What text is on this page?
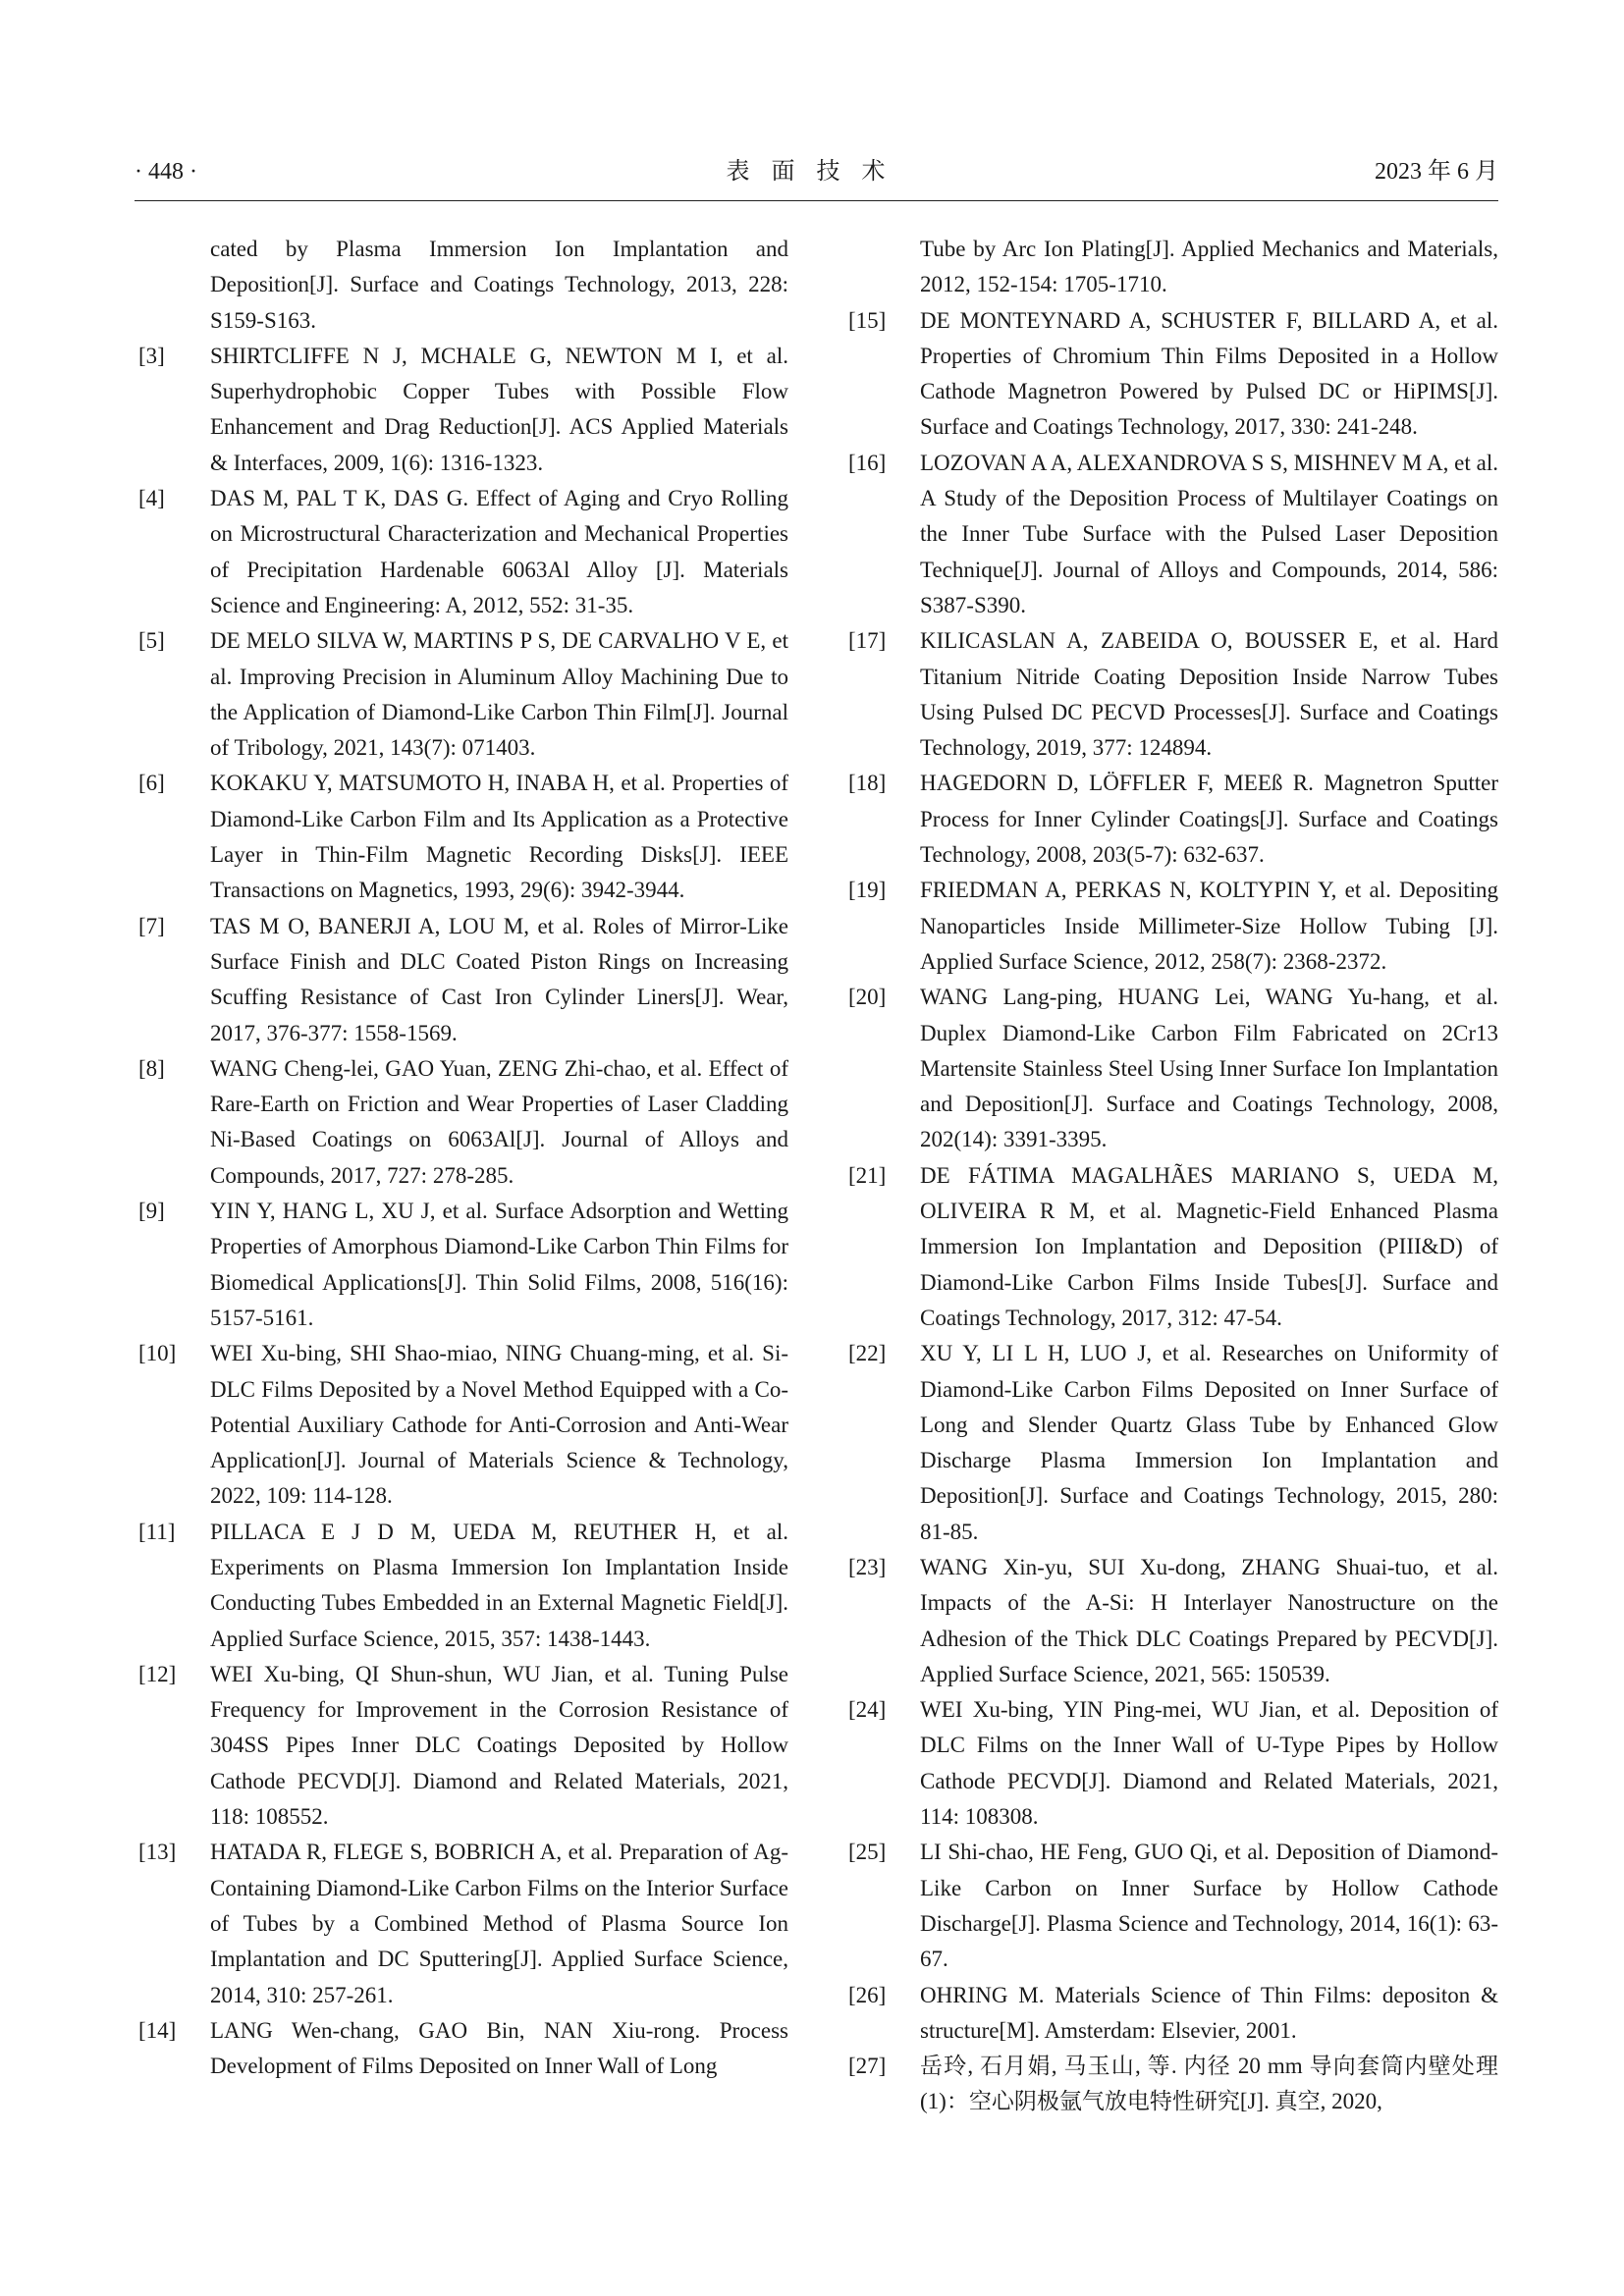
· 448 ·	表面技术	2023 年 6 月
cated by Plasma Immersion Ion Implantation and Deposition[J]. Surface and Coatings Technology, 2013, 228: S159-S163.
[3] SHIRTCLIFFE N J, MCHALE G, NEWTON M I, et al. Superhydrophobic Copper Tubes with Possible Flow Enhancement and Drag Reduction[J]. ACS Applied Materials & Interfaces, 2009, 1(6): 1316-1323.
[4] DAS M, PAL T K, DAS G. Effect of Aging and Cryo Rolling on Microstructural Characterization and Mechanical Properties of Precipitation Hardenable 6063Al Alloy [J]. Materials Science and Engineering: A, 2012, 552: 31-35.
[5] DE MELO SILVA W, MARTINS P S, DE CARVALHO V E, et al. Improving Precision in Aluminum Alloy Machining Due to the Application of Diamond-Like Carbon Thin Film[J]. Journal of Tribology, 2021, 143(7): 071403.
[6] KOKAKU Y, MATSUMOTO H, INABA H, et al. Properties of Diamond-Like Carbon Film and Its Application as a Protective Layer in Thin-Film Magnetic Recording Disks[J]. IEEE Transactions on Magnetics, 1993, 29(6): 3942-3944.
[7] TAS M O, BANERJI A, LOU M, et al. Roles of Mirror-Like Surface Finish and DLC Coated Piston Rings on Increasing Scuffing Resistance of Cast Iron Cylinder Liners[J]. Wear, 2017, 376-377: 1558-1569.
[8] WANG Cheng-lei, GAO Yuan, ZENG Zhi-chao, et al. Effect of Rare-Earth on Friction and Wear Properties of Laser Cladding Ni-Based Coatings on 6063Al[J]. Journal of Alloys and Compounds, 2017, 727: 278-285.
[9] YIN Y, HANG L, XU J, et al. Surface Adsorption and Wetting Properties of Amorphous Diamond-Like Carbon Thin Films for Biomedical Applications[J]. Thin Solid Films, 2008, 516(16): 5157-5161.
[10] WEI Xu-bing, SHI Shao-miao, NING Chuang-ming, et al. Si-DLC Films Deposited by a Novel Method Equipped with a Co-Potential Auxiliary Cathode for Anti-Corrosion and Anti-Wear Application[J]. Journal of Materials Science & Technology, 2022, 109: 114-128.
[11] PILLACA E J D M, UEDA M, REUTHER H, et al. Experiments on Plasma Immersion Ion Implantation Inside Conducting Tubes Embedded in an External Magnetic Field[J]. Applied Surface Science, 2015, 357: 1438-1443.
[12] WEI Xu-bing, QI Shun-shun, WU Jian, et al. Tuning Pulse Frequency for Improvement in the Corrosion Resistance of 304SS Pipes Inner DLC Coatings Deposited by Hollow Cathode PECVD[J]. Diamond and Related Materials, 2021, 118: 108552.
[13] HATADA R, FLEGE S, BOBRICH A, et al. Preparation of Ag-Containing Diamond-Like Carbon Films on the Interior Surface of Tubes by a Combined Method of Plasma Source Ion Implantation and DC Sputtering[J]. Applied Surface Science, 2014, 310: 257-261.
[14] LANG Wen-chang, GAO Bin, NAN Xiu-rong. Process Development of Films Deposited on Inner Wall of Long
Tube by Arc Ion Plating[J]. Applied Mechanics and Materials, 2012, 152-154: 1705-1710.
[15] DE MONTEYNARD A, SCHUSTER F, BILLARD A, et al. Properties of Chromium Thin Films Deposited in a Hollow Cathode Magnetron Powered by Pulsed DC or HiPIMS[J]. Surface and Coatings Technology, 2017, 330: 241-248.
[16] LOZOVAN A A, ALEXANDROVA S S, MISHNEV M A, et al. A Study of the Deposition Process of Multilayer Coatings on the Inner Tube Surface with the Pulsed Laser Deposition Technique[J]. Journal of Alloys and Compounds, 2014, 586: S387-S390.
[17] KILICASLAN A, ZABEIDA O, BOUSSER E, et al. Hard Titanium Nitride Coating Deposition Inside Narrow Tubes Using Pulsed DC PECVD Processes[J]. Surface and Coatings Technology, 2019, 377: 124894.
[18] HAGEDORN D, LÖFFLER F, MEEß R. Magnetron Sputter Process for Inner Cylinder Coatings[J]. Surface and Coatings Technology, 2008, 203(5-7): 632-637.
[19] FRIEDMAN A, PERKAS N, KOLTYPIN Y, et al. Depositing Nanoparticles Inside Millimeter-Size Hollow Tubing [J]. Applied Surface Science, 2012, 258(7): 2368-2372.
[20] WANG Lang-ping, HUANG Lei, WANG Yu-hang, et al. Duplex Diamond-Like Carbon Film Fabricated on 2Cr13 Martensite Stainless Steel Using Inner Surface Ion Implantation and Deposition[J]. Surface and Coatings Technology, 2008, 202(14): 3391-3395.
[21] DE FÁTIMA MAGALHÃES MARIANO S, UEDA M, OLIVEIRA R M, et al. Magnetic-Field Enhanced Plasma Immersion Ion Implantation and Deposition (PIII&D) of Diamond-Like Carbon Films Inside Tubes[J]. Surface and Coatings Technology, 2017, 312: 47-54.
[22] XU Y, LI L H, LUO J, et al. Researches on Uniformity of Diamond-Like Carbon Films Deposited on Inner Surface of Long and Slender Quartz Glass Tube by Enhanced Glow Discharge Plasma Immersion Ion Implantation and Deposition[J]. Surface and Coatings Technology, 2015, 280: 81-85.
[23] WANG Xin-yu, SUI Xu-dong, ZHANG Shuai-tuo, et al. Impacts of the A-Si: H Interlayer Nanostructure on the Adhesion of the Thick DLC Coatings Prepared by PECVD[J]. Applied Surface Science, 2021, 565: 150539.
[24] WEI Xu-bing, YIN Ping-mei, WU Jian, et al. Deposition of DLC Films on the Inner Wall of U-Type Pipes by Hollow Cathode PECVD[J]. Diamond and Related Materials, 2021, 114: 108308.
[25] LI Shi-chao, HE Feng, GUO Qi, et al. Deposition of Diamond-Like Carbon on Inner Surface by Hollow Cathode Discharge[J]. Plasma Science and Technology, 2014, 16(1): 63-67.
[26] OHRING M. Materials Science of Thin Films: depositon & structure[M]. Amsterdam: Elsevier, 2001.
[27] 岳玲, 石月娟, 马玉山, 等. 内径 20 mm 导向套筒内壁处理(1)：空心阴极氩气放电特性研究[J]. 真空, 2020,
